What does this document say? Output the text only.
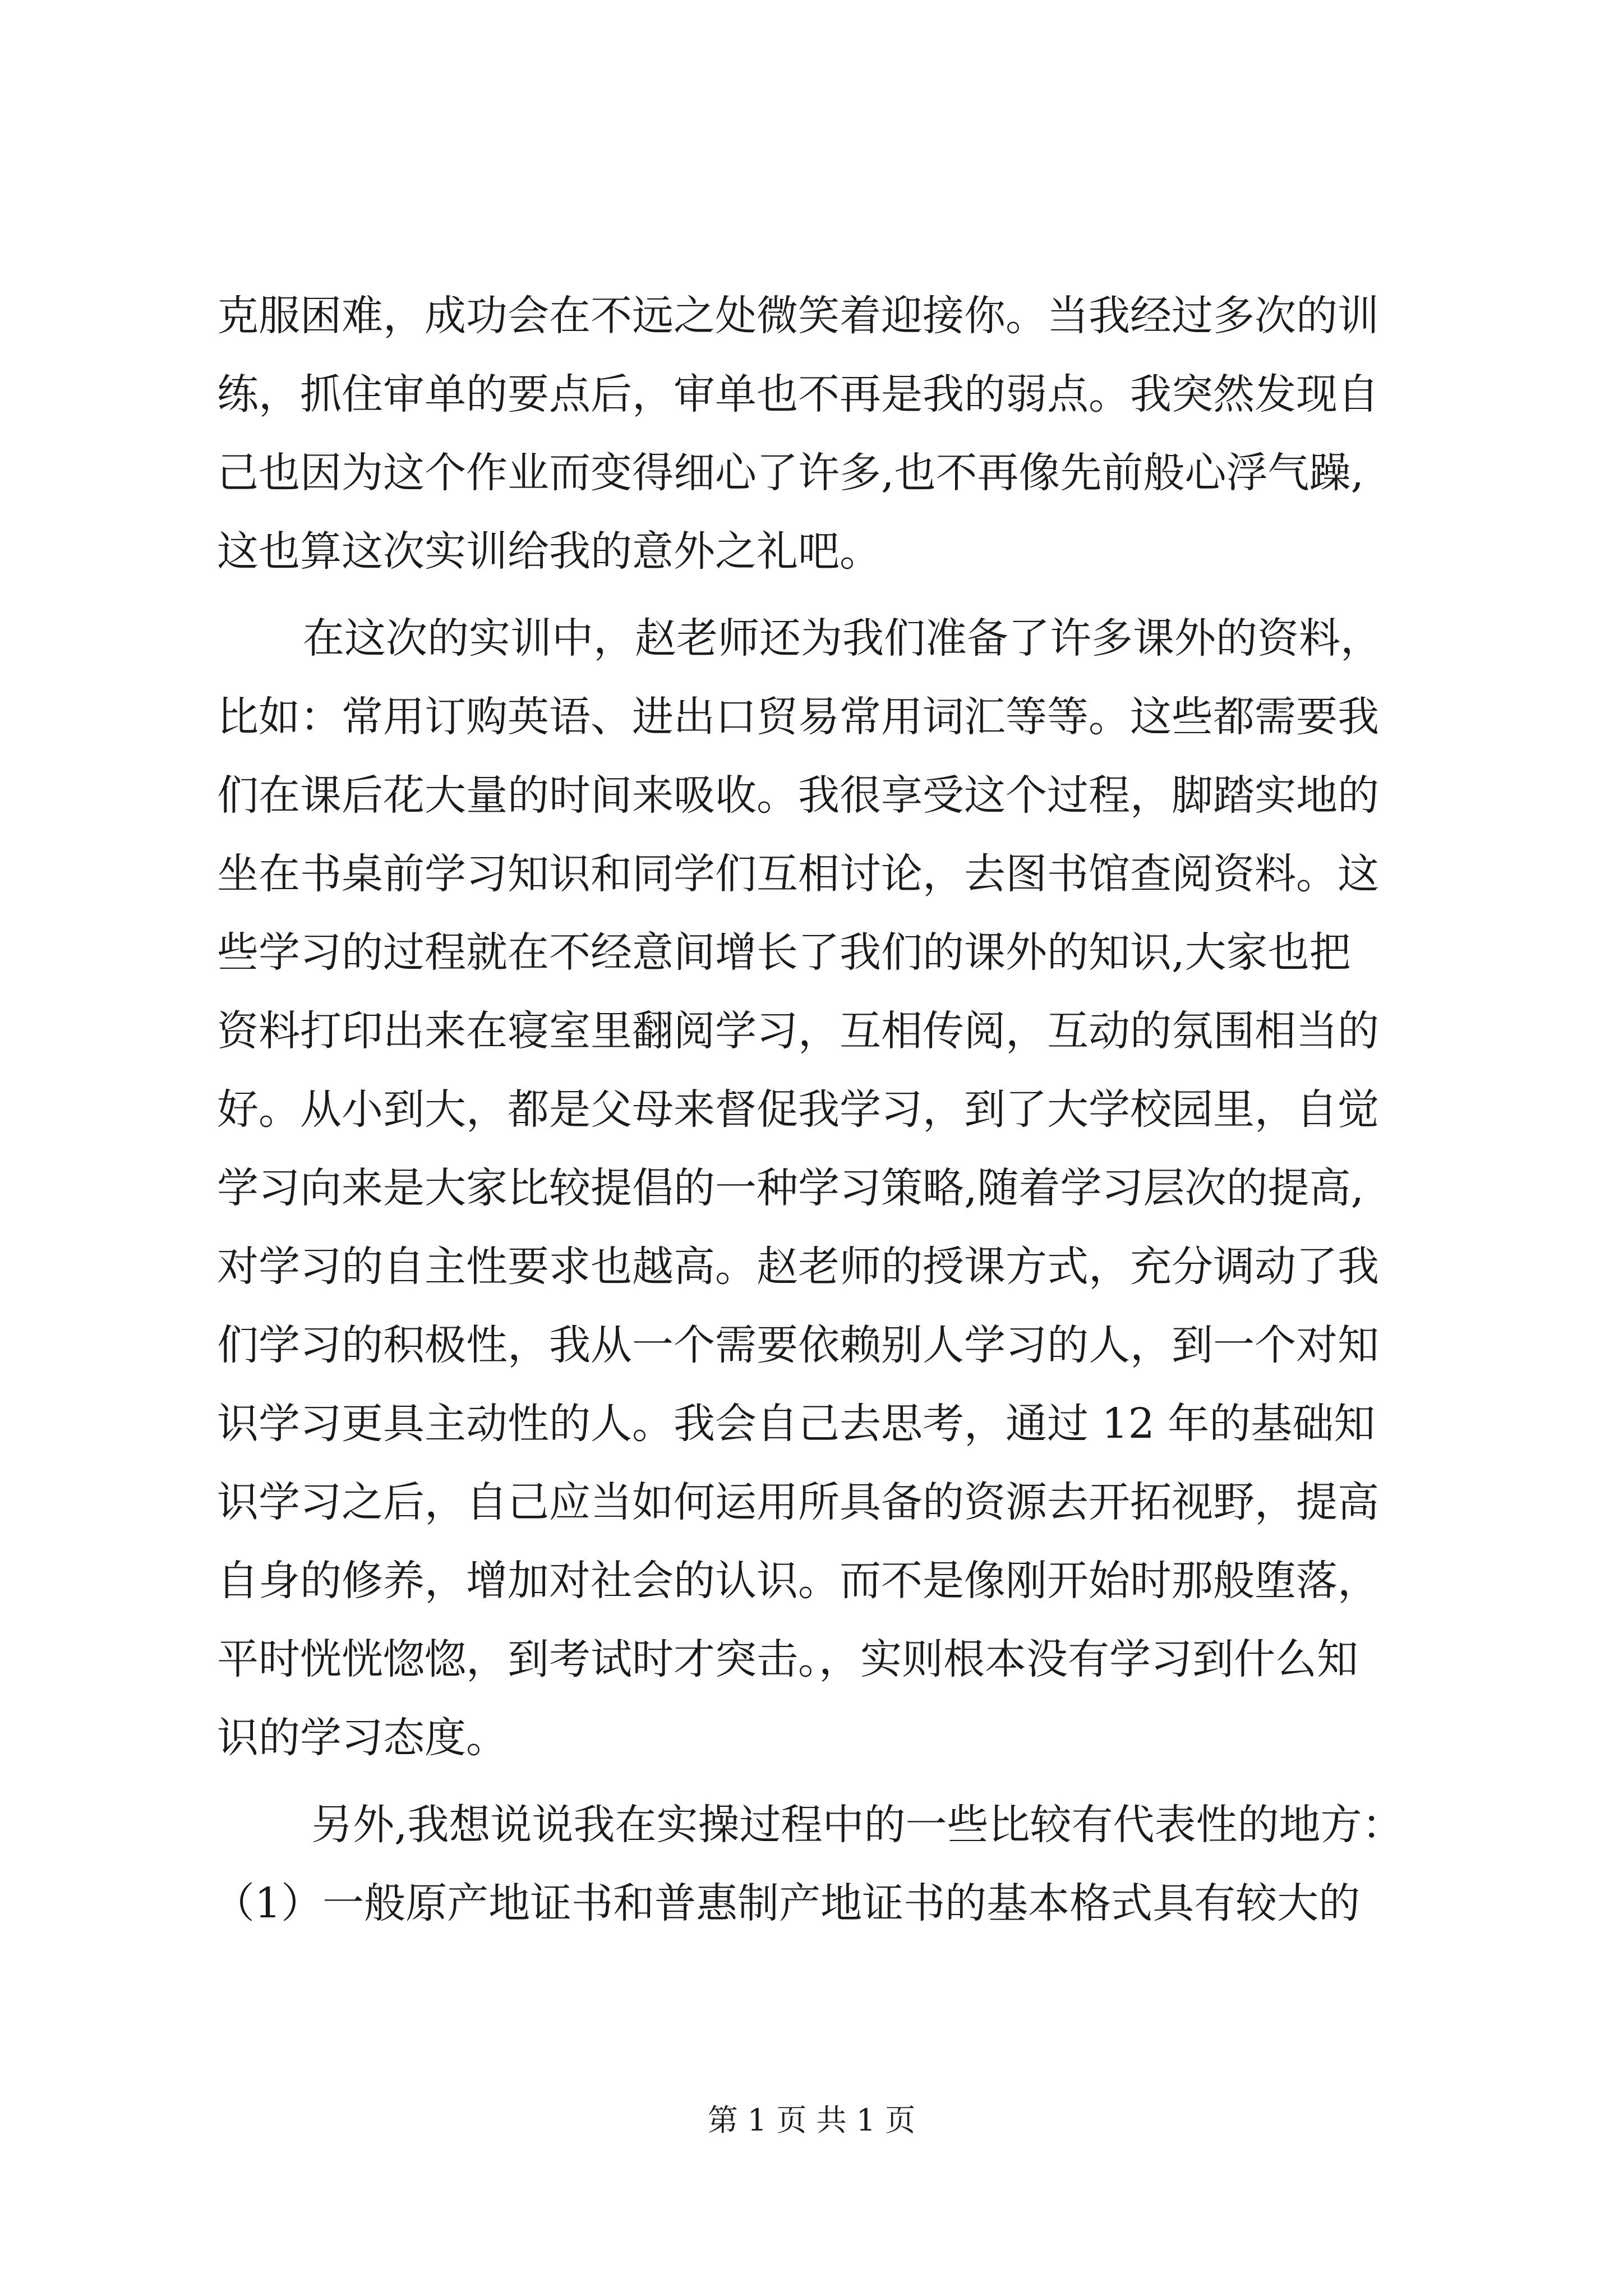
克服困难，成功会在不远之处微笑着迎接你。当我经过多次的训
练，抓住审单的要点后，审单也不再是我的弱点。我突然发现自
己也因为这个作业而变得细心了许多,也不再像先前般心浮气躁,
这也算这次实训给我的意外之礼吧。
在这次的实训中，赵老师还为我们准备了许多课外的资料，
比如：常用订购英语、进出口贸易常用词汇等等。这些都需要我
们在课后花大量的时间来吸收。我很享受这个过程，脚踏实地的
坐在书桌前学习知识和同学们互相讨论，去图书馆查阅资料。这
些学习的过程就在不经意间增长了我们的课外的知识,大家也把
资料打印出来在寝室里翻阅学习，互相传阅，互动的氛围相当的
好。从小到大，都是父母来督促我学习，到了大学校园里，自觉
学习向来是大家比较提倡的一种学习策略,随着学习层次的提高,
对学习的自主性要求也越高。赵老师的授课方式，充分调动了我
们学习的积极性，我从一个需要依赖别人学习的人，到一个对知
识学习更具主动性的人。我会自己去思考，通过 12 年的基础知
识学习之后，自己应当如何运用所具备的资源去开拓视野，提高
自身的修养，增加对社会的认识。而不是像刚开始时那般堕落，
平时恍恍惚惚，到考试时才突击。，实则根本没有学习到什么知
识的学习态度。
另外,我想说说我在实操过程中的一些比较有代表性的地方：
（1）一般原产地证书和普惠制产地证书的基本格式具有较大的
第 1 页 共 1 页
